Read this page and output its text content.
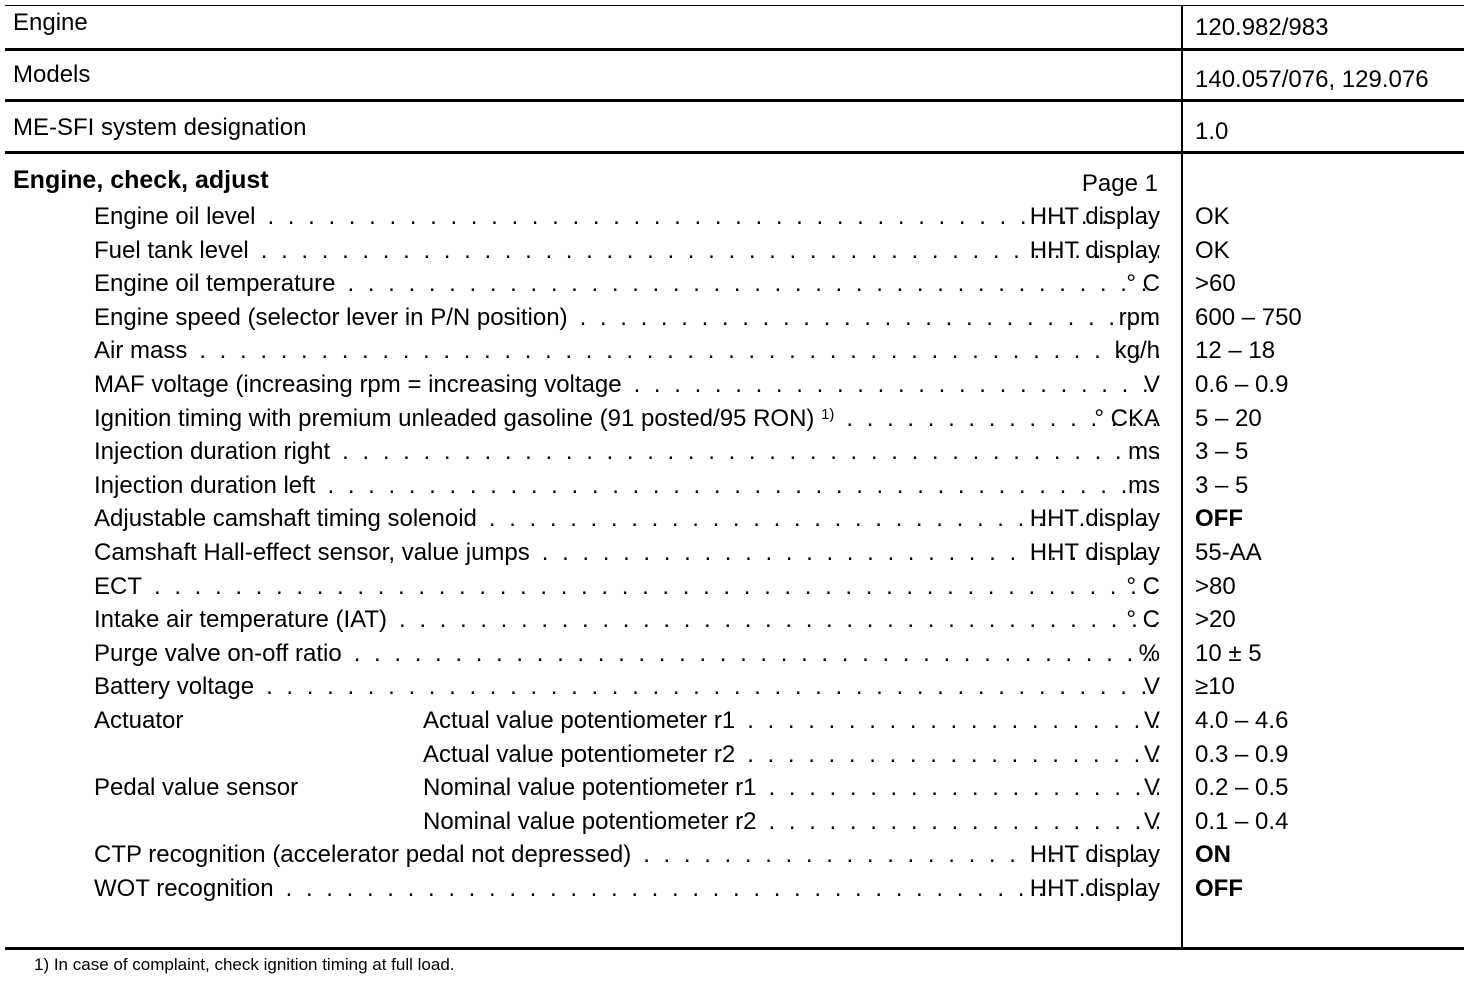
Engine	120.982/983
Models	140.057/076, 129.076
ME-SFI system designation	1.0
Engine, check, adjust	Page 1
Engine oil level . . .	HHT display OK
Fuel tank level . . .	HHT display OK
Engine oil temperature . . .	° C >60
Engine speed (selector lever in P/N position) . . .	rpm 600 – 750
Air mass . . .	kg/h 12 – 18
MAF voltage (increasing rpm = increasing voltage . . .	V 0.6 – 0.9
Ignition timing with premium unleaded gasoline (91 posted/95 RON) $^{1)}$ . . .	° CKA 5 – 20
Injection duration right . . .	ms 3 – 5
Injection duration left . . .	ms 3 – 5
Adjustable camshaft timing solenoid . . .	HHT display OFF
Camshaft Hall-effect sensor, value jumps . . .	HHT display 55-AA
ECT . . .	° C >80
Intake air temperature (IAT) . . .	° C >20
Purge valve on-off ratio . . .	% 10 ± 5
Battery voltage . . .	V ≥10
Actuator	Actual value potentiometer r1 . . .	V 4.0 – 4.6
Actual value potentiometer r2 . . .	V 0.3 – 0.9
Pedal value sensor	Nominal value potentiometer r1 . . .	V 0.2 – 0.5
Nominal value potentiometer r2 . . .	V 0.1 – 0.4
CTP recognition (accelerator pedal not depressed) . . .	HHT display ON
WOT recognition . . .	HHT display OFF
1) In case of complaint, check ignition timing at full load.
